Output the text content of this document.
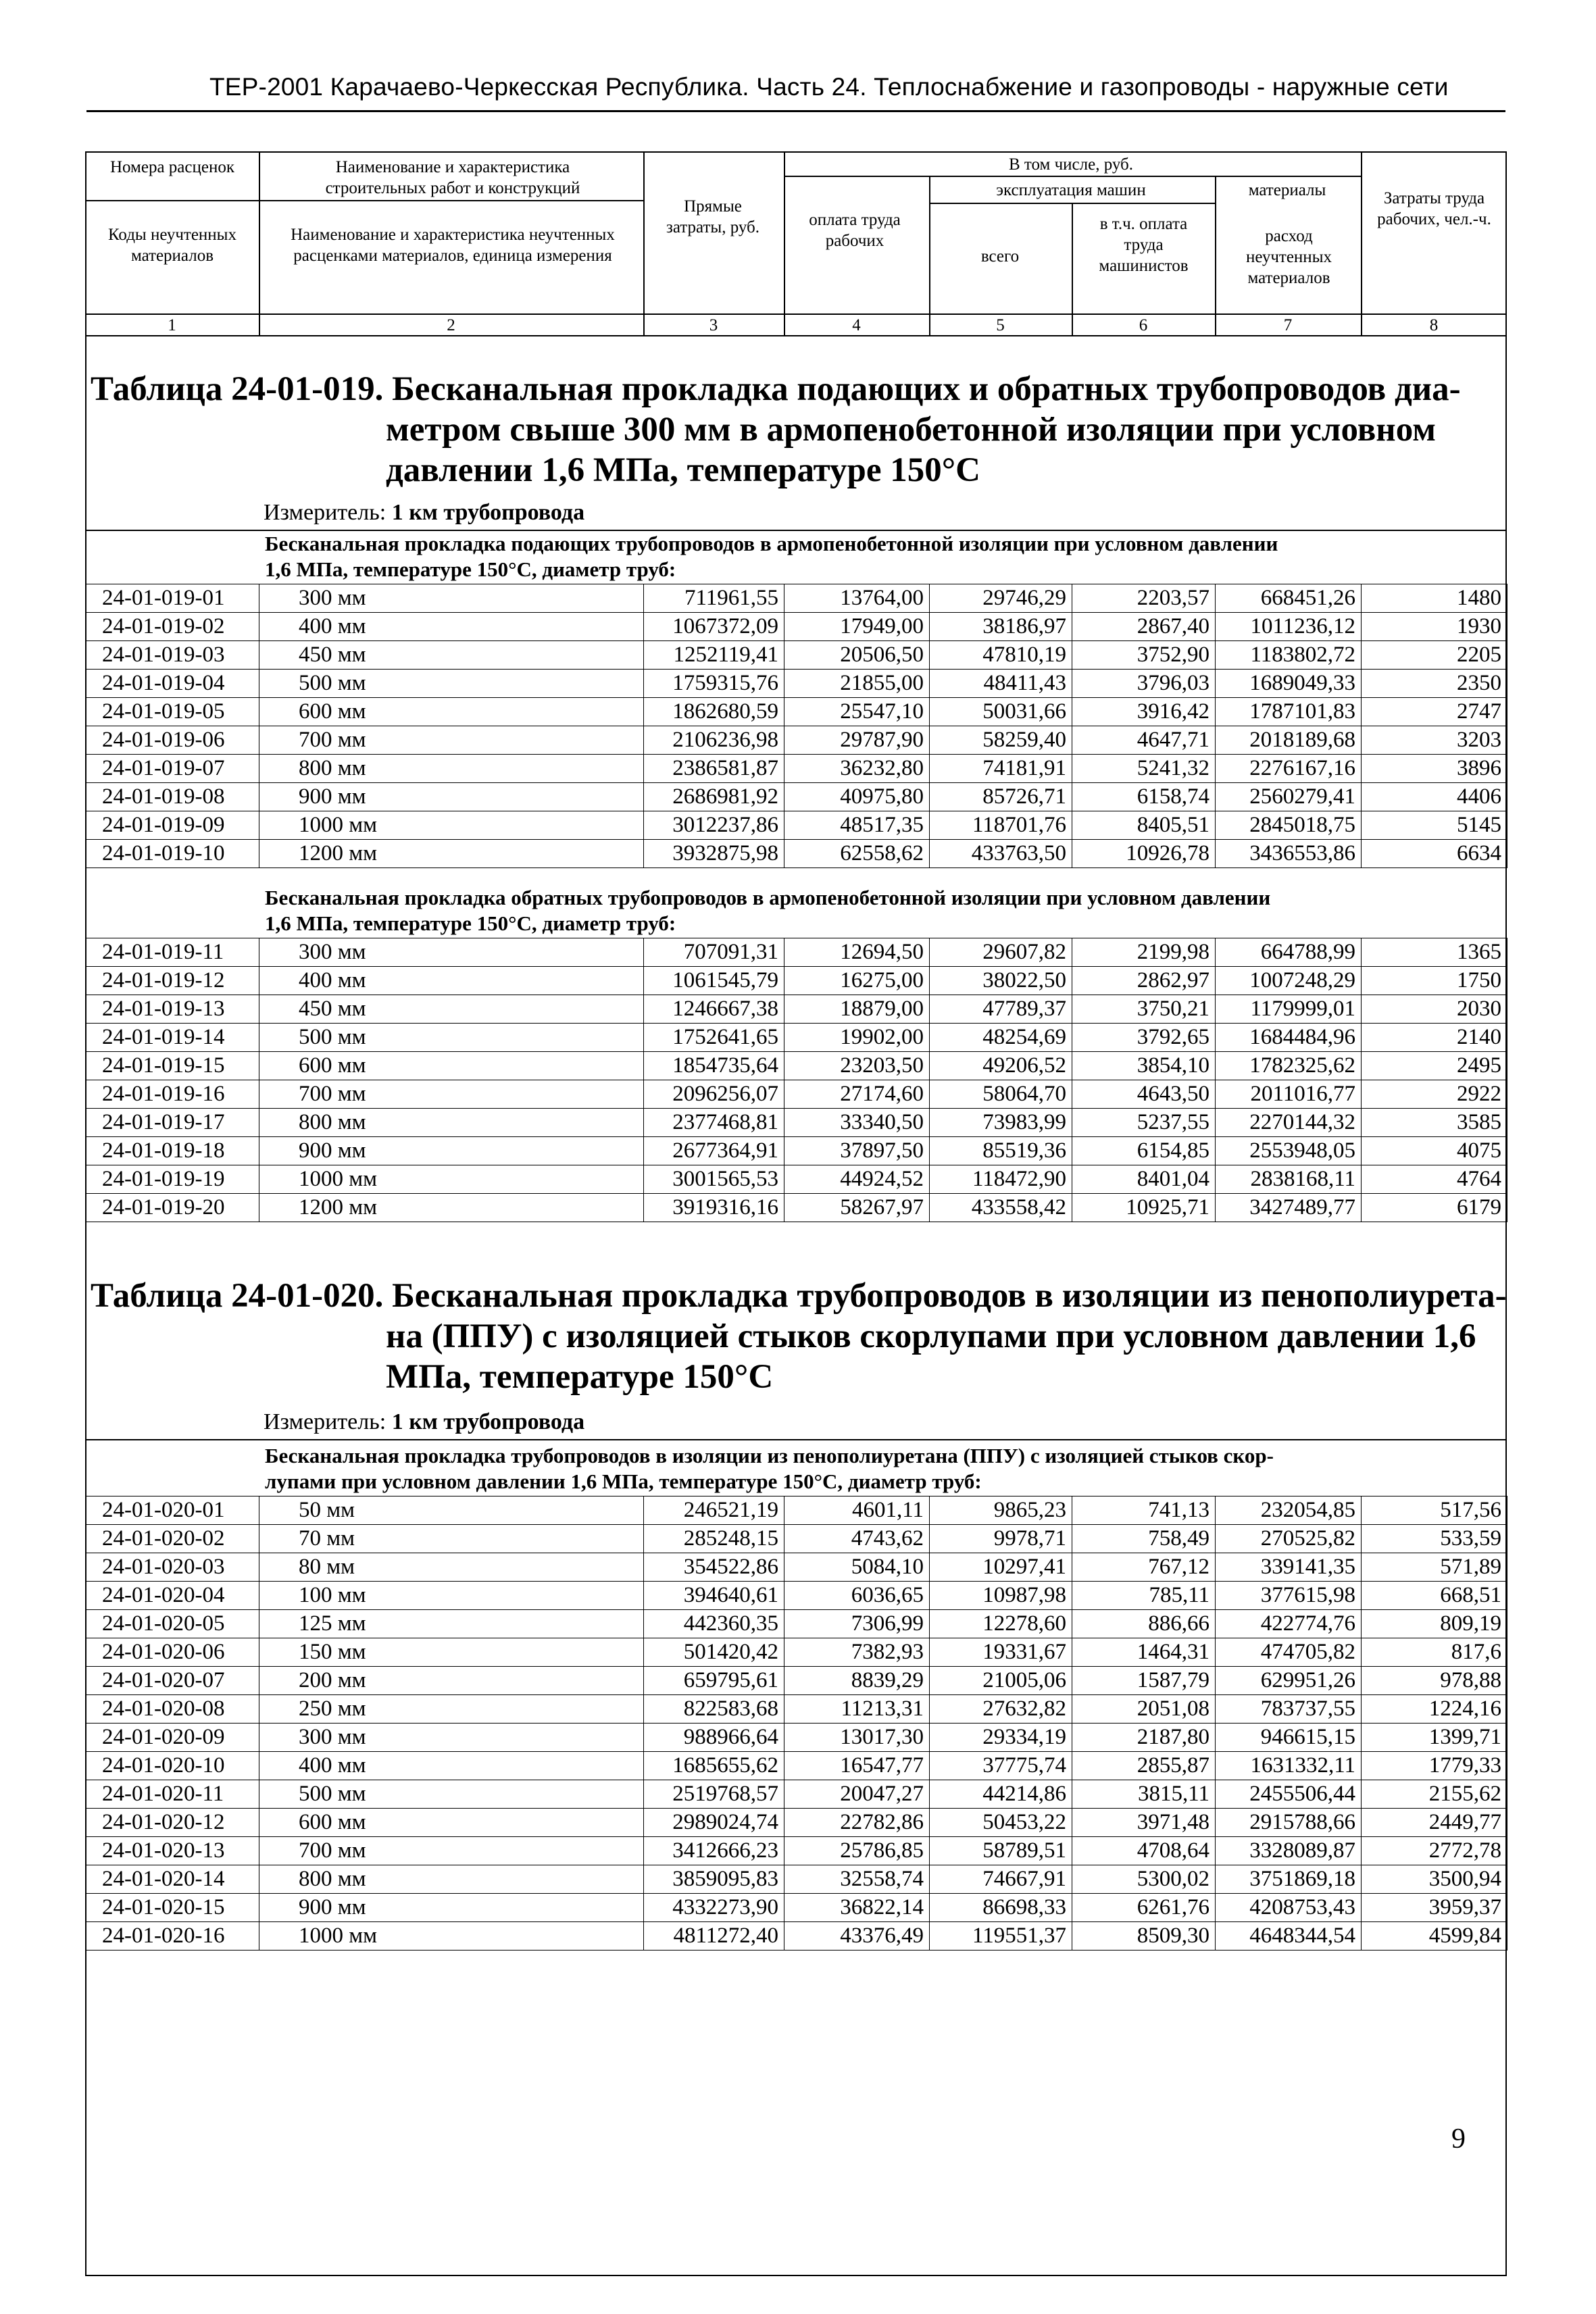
ТЕР-2001 Карачаево-Черкесская Республика. Часть 24. Теплоснабжение и газопроводы - наружные сети
Номера расценок
Коды неучтенных материалов
Наименование и характеристика строительных работ и конструкций
Наименование и характеристика неучтенных расценками материалов, единица измерения
Прямые затраты, руб.
В том числе, руб.
оплата труда рабочих
эксплуатация машин
всего
в т.ч. оплата труда машинистов
материалы
расход неучтенных материалов
Затраты труда рабочих, чел.-ч.
1	2	3	4	5	6	7	8
Таблица 24-01-019. Бесканальная прокладка подающих и обратных трубопроводов диа-
метром свыше 300 мм в армопенобетонной изоляции при условном
давлении 1,6 МПа, температуре 150°С
Измеритель: 1 км трубопровода
Бесканальная прокладка подающих трубопроводов в армопенобетонной изоляции при условном давлении
1,6 МПа, температуре 150°С, диаметр труб:
24-01-019-01	300 мм	711961,55	13764,00	29746,29	2203,57	668451,26	1480
24-01-019-02	400 мм	1067372,09	17949,00	38186,97	2867,40	1011236,12	1930
24-01-019-03	450 мм	1252119,41	20506,50	47810,19	3752,90	1183802,72	2205
24-01-019-04	500 мм	1759315,76	21855,00	48411,43	3796,03	1689049,33	2350
24-01-019-05	600 мм	1862680,59	25547,10	50031,66	3916,42	1787101,83	2747
24-01-019-06	700 мм	2106236,98	29787,90	58259,40	4647,71	2018189,68	3203
24-01-019-07	800 мм	2386581,87	36232,80	74181,91	5241,32	2276167,16	3896
24-01-019-08	900 мм	2686981,92	40975,80	85726,71	6158,74	2560279,41	4406
24-01-019-09	1000 мм	3012237,86	48517,35	118701,76	8405,51	2845018,75	5145
24-01-019-10	1200 мм	3932875,98	62558,62	433763,50	10926,78	3436553,86	6634
Бесканальная прокладка обратных трубопроводов в армопенобетонной изоляции при условном давлении
1,6 МПа, температуре 150°С, диаметр труб:
24-01-019-11	300 мм	707091,31	12694,50	29607,82	2199,98	664788,99	1365
24-01-019-12	400 мм	1061545,79	16275,00	38022,50	2862,97	1007248,29	1750
24-01-019-13	450 мм	1246667,38	18879,00	47789,37	3750,21	1179999,01	2030
24-01-019-14	500 мм	1752641,65	19902,00	48254,69	3792,65	1684484,96	2140
24-01-019-15	600 мм	1854735,64	23203,50	49206,52	3854,10	1782325,62	2495
24-01-019-16	700 мм	2096256,07	27174,60	58064,70	4643,50	2011016,77	2922
24-01-019-17	800 мм	2377468,81	33340,50	73983,99	5237,55	2270144,32	3585
24-01-019-18	900 мм	2677364,91	37897,50	85519,36	6154,85	2553948,05	4075
24-01-019-19	1000 мм	3001565,53	44924,52	118472,90	8401,04	2838168,11	4764
24-01-019-20	1200 мм	3919316,16	58267,97	433558,42	10925,71	3427489,77	6179
Таблица 24-01-020. Бесканальная прокладка трубопроводов в изоляции из пенополиурета-
на (ППУ) с изоляцией стыков скорлупами при условном давлении 1,6
МПа, температуре 150°С
Измеритель: 1 км трубопровода
Бесканальная прокладка трубопроводов в изоляции из пенополиуретана (ППУ) с изоляцией стыков скор-
лупами при условном давлении 1,6 МПа, температуре 150°С, диаметр труб:
24-01-020-01	50 мм	246521,19	4601,11	9865,23	741,13	232054,85	517,56
24-01-020-02	70 мм	285248,15	4743,62	9978,71	758,49	270525,82	533,59
24-01-020-03	80 мм	354522,86	5084,10	10297,41	767,12	339141,35	571,89
24-01-020-04	100 мм	394640,61	6036,65	10987,98	785,11	377615,98	668,51
24-01-020-05	125 мм	442360,35	7306,99	12278,60	886,66	422774,76	809,19
24-01-020-06	150 мм	501420,42	7382,93	19331,67	1464,31	474705,82	817,6
24-01-020-07	200 мм	659795,61	8839,29	21005,06	1587,79	629951,26	978,88
24-01-020-08	250 мм	822583,68	11213,31	27632,82	2051,08	783737,55	1224,16
24-01-020-09	300 мм	988966,64	13017,30	29334,19	2187,80	946615,15	1399,71
24-01-020-10	400 мм	1685655,62	16547,77	37775,74	2855,87	1631332,11	1779,33
24-01-020-11	500 мм	2519768,57	20047,27	44214,86	3815,11	2455506,44	2155,62
24-01-020-12	600 мм	2989024,74	22782,86	50453,22	3971,48	2915788,66	2449,77
24-01-020-13	700 мм	3412666,23	25786,85	58789,51	4708,64	3328089,87	2772,78
24-01-020-14	800 мм	3859095,83	32558,74	74667,91	5300,02	3751869,18	3500,94
24-01-020-15	900 мм	4332273,90	36822,14	86698,33	6261,76	4208753,43	3959,37
24-01-020-16	1000 мм	4811272,40	43376,49	119551,37	8509,30	4648344,54	4599,84
9
